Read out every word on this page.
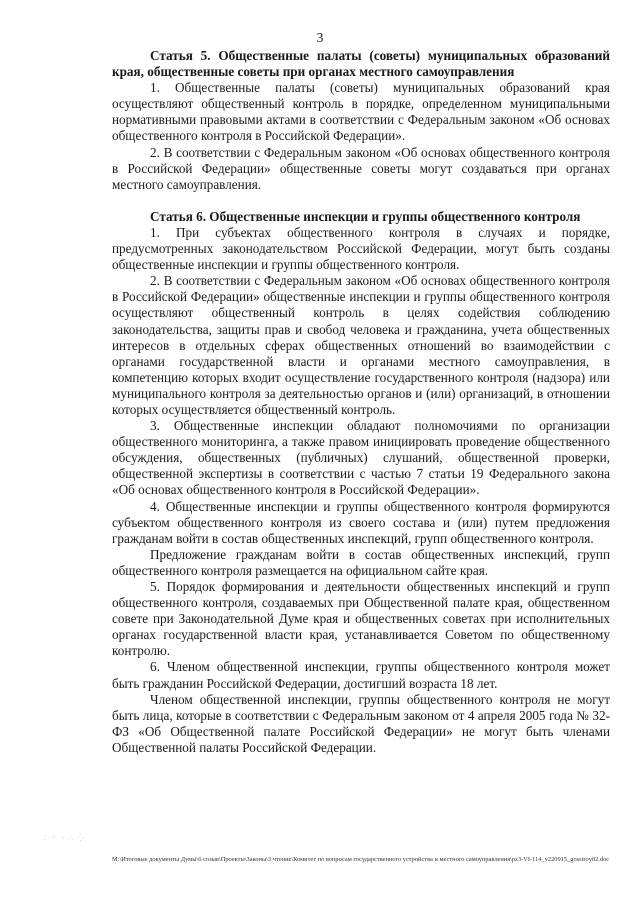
3

Статья 5. Общественные палаты (советы) муниципальных образований края, общественные советы при органах местного самоуправления

1. Общественные палаты (советы) муниципальных образований края осуществляют общественный контроль в порядке, определенном муниципальными нормативными правовыми актами в соответствии с Федеральным законом «Об основах общественного контроля в Российской Федерации».

2. В соответствии с Федеральным законом «Об основах общественного контроля в Российской Федерации» общественные советы могут создаваться при органах местного самоуправления.

Статья 6. Общественные инспекции и группы общественного контроля

1. При субъектах общественного контроля в случаях и порядке, предусмотренных законодательством Российской Федерации, могут быть созданы общественные инспекции и группы общественного контроля.

2. В соответствии с Федеральным законом «Об основах общественного контроля в Российской Федерации» общественные инспекции и группы общественного контроля осуществляют общественный контроль в целях содействия соблюдению законодательства, защиты прав и свобод человека и гражданина, учета общественных интересов в отдельных сферах общественных отношений во взаимодействии с органами государственной власти и органами местного самоуправления, в компетенцию которых входит осуществление государственного контроля (надзора) или муниципального контроля за деятельностью органов и (или) организаций, в отношении которых осуществляется общественный контроль.

3. Общественные инспекции обладают полномочиями по организации общественного мониторинга, а также правом инициировать проведение общественного обсуждения, общественных (публичных) слушаний, общественной проверки, общественной экспертизы в соответствии с частью 7 статьи 19 Федерального закона «Об основах общественного контроля в Российской Федерации».

4. Общественные инспекции и группы общественного контроля формируются субъектом общественного контроля из своего состава и (или) путем предложения гражданам войти в состав общественных инспекций, групп общественного контроля.

Предложение гражданам войти в состав общественных инспекций, групп общественного контроля размещается на официальном сайте края.

5. Порядок формирования и деятельности общественных инспекций и групп общественного контроля, создаваемых при Общественной палате края, общественном совете при Законодательной Думе края и общественных советах при исполнительных органах государственной власти края, устанавливается Советом по общественному контролю.

6. Членом общественной инспекции, группы общественного контроля может быть гражданин Российской Федерации, достигший возраста 18 лет.

Членом общественной инспекции, группы общественного контроля не могут быть лица, которые в соответствии с Федеральным законом от 4 апреля 2005 года № 32-ФЗ «Об Общественной палате Российской Федерации» не могут быть членами Общественной палаты Российской Федерации.

⁚ ⁘ ⁖ ∴ ⁛
M:\Итоговые документы Думы\6 созыв\Проекты\Законы\3 чтение\Комитет по вопросам государственного устройства и местного самоуправления\pz3-VI-114_v220915_gosstroy02.doc
